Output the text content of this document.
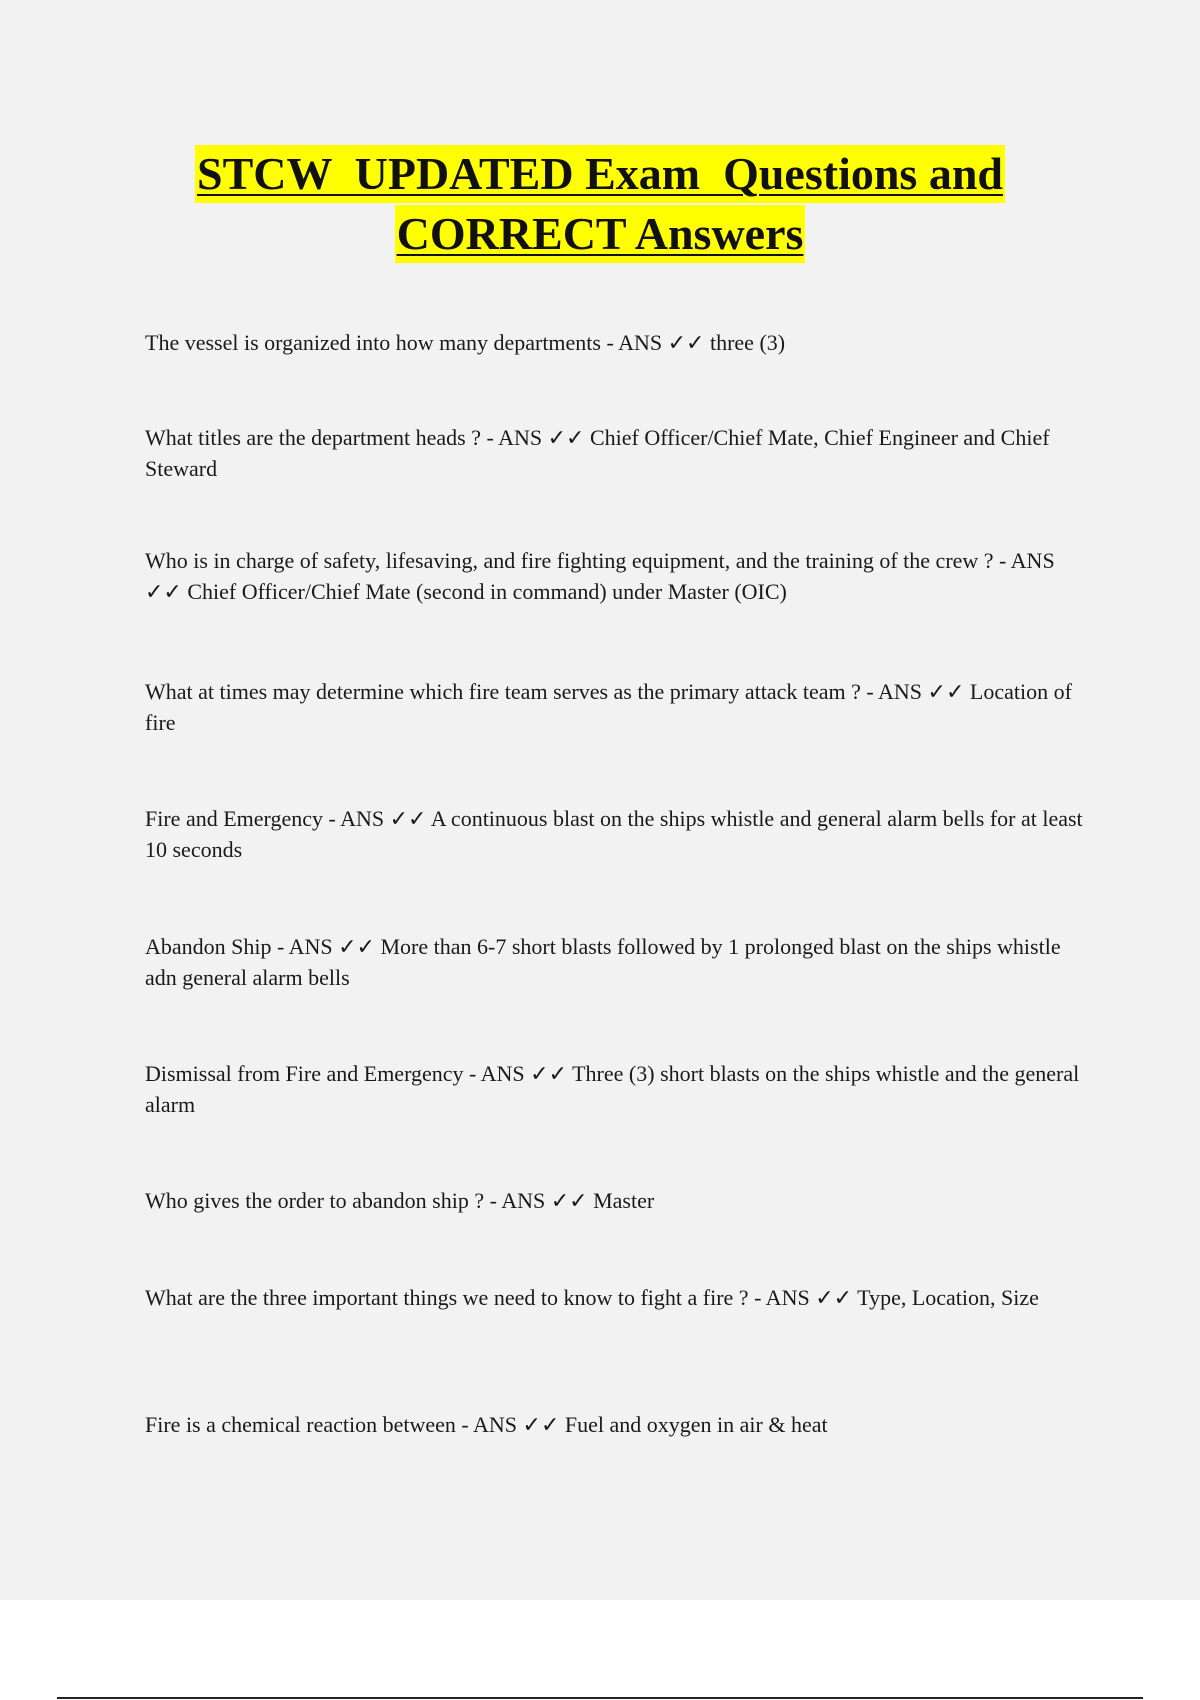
STCW  UPDATED Exam  Questions and
CORRECT Answers
The vessel is organized into how many departments - ANS ✓✓ three (3)
What titles are the department heads ? - ANS ✓✓ Chief Officer/Chief Mate, Chief Engineer and Chief Steward
Who is in charge of safety, lifesaving, and fire fighting equipment, and the training of the crew ? - ANS ✓✓ Chief Officer/Chief Mate (second in command) under Master (OIC)
What at times may determine which fire team serves as the primary attack team ? - ANS ✓✓ Location of fire
Fire and Emergency - ANS ✓✓ A continuous blast on the ships whistle and general alarm bells for at least 10 seconds
Abandon Ship - ANS ✓✓ More than 6-7 short blasts followed by 1 prolonged blast on the ships whistle adn general alarm bells
Dismissal from Fire and Emergency - ANS ✓✓ Three (3) short blasts on the ships whistle and the general alarm
Who gives the order to abandon ship ? - ANS ✓✓ Master
What are the three important things we need to know to fight a fire ? - ANS ✓✓ Type, Location, Size
Fire is a chemical reaction between - ANS ✓✓ Fuel and oxygen in air & heat
